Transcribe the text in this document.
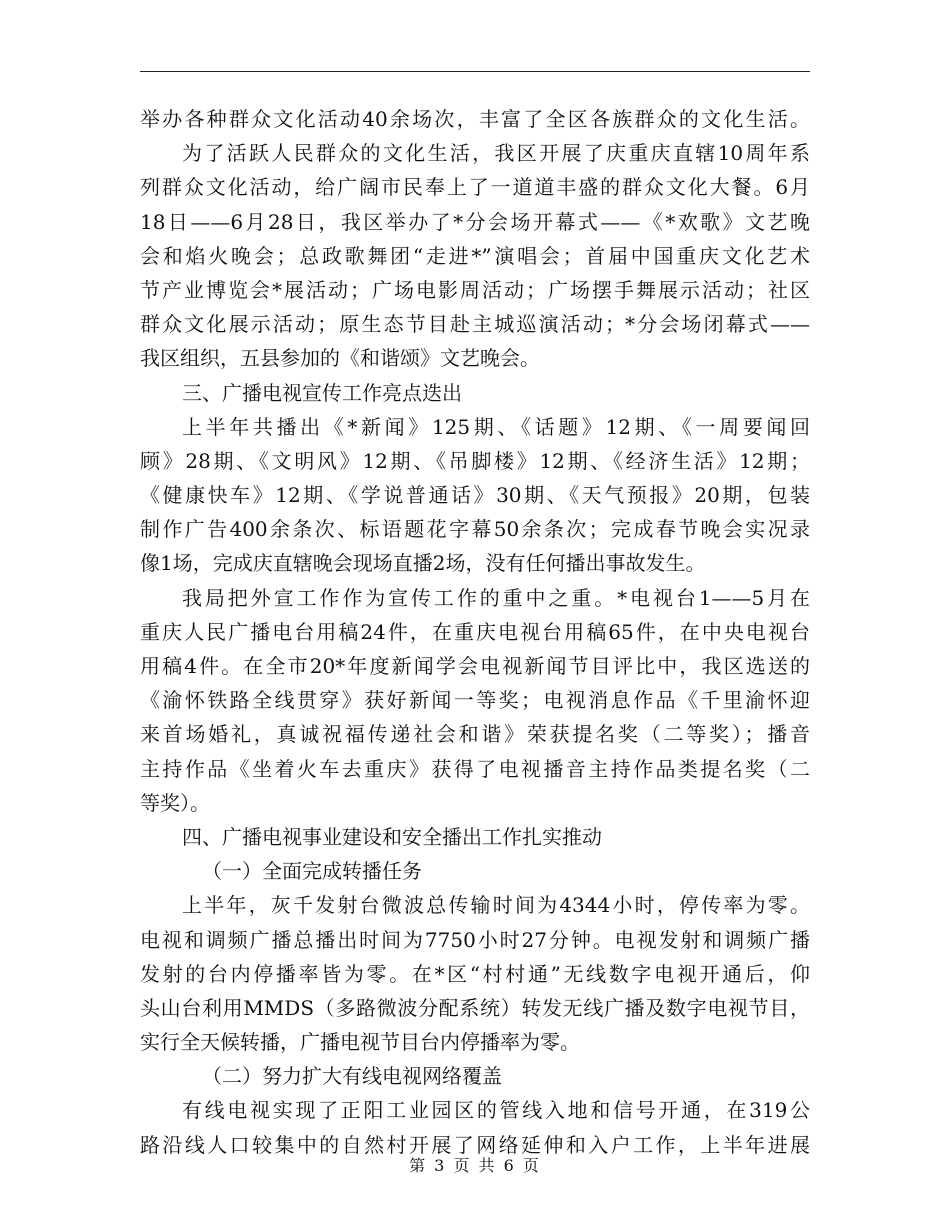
举办各种群众文化活动40余场次，丰富了全区各族群众的文化生活。
为了活跃人民群众的文化生活，我区开展了庆重庆直辖10周年系
列群众文化活动，给广阔市民奉上了一道道丰盛的群众文化大餐。6月
18日——6月28日，我区举办了*分会场开幕式——《*欢歌》文艺晚
会和焰火晚会；总政歌舞团“走进*”演唱会；首届中国重庆文化艺术
节产业博览会*展活动；广场电影周活动；广场摆手舞展示活动；社区
群众文化展示活动；原生态节目赴主城巡演活动；*分会场闭幕式——
我区组织，五县参加的《和谐颂》文艺晚会。
三、广播电视宣传工作亮点迭出
上半年共播出《*新闻》125期、《话题》12期、《一周要闻回
顾》28期、《文明风》12期、《吊脚楼》12期、《经济生活》12期；
《健康快车》12期、《学说普通话》30期、《天气预报》20期，包装
制作广告400余条次、标语题花字幕50余条次；完成春节晚会实况录
像1场，完成庆直辖晚会现场直播2场，没有任何播出事故发生。
我局把外宣工作作为宣传工作的重中之重。*电视台1——5月在
重庆人民广播电台用稿24件，在重庆电视台用稿65件，在中央电视台
用稿4件。在全市20*年度新闻学会电视新闻节目评比中，我区选送的
《渝怀铁路全线贯穿》获好新闻一等奖；电视消息作品《千里渝怀迎
来首场婚礼，真诚祝福传递社会和谐》荣获提名奖（二等奖）；播音
主持作品《坐着火车去重庆》获得了电视播音主持作品类提名奖（二
等奖）。
四、广播电视事业建设和安全播出工作扎实推动
（一）全面完成转播任务
上半年，灰千发射台微波总传输时间为4344小时，停传率为零。
电视和调频广播总播出时间为7750小时27分钟。电视发射和调频广播
发射的台内停播率皆为零。在*区“村村通”无线数字电视开通后，仰
头山台利用MMDS（多路微波分配系统）转发无线广播及数字电视节目，
实行全天候转播，广播电视节目台内停播率为零。
（二）努力扩大有线电视网络覆盖
有线电视实现了正阳工业园区的管线入地和信号开通，在319公
路沿线人口较集中的自然村开展了网络延伸和入户工作，上半年进展
第 3 页 共 6 页
